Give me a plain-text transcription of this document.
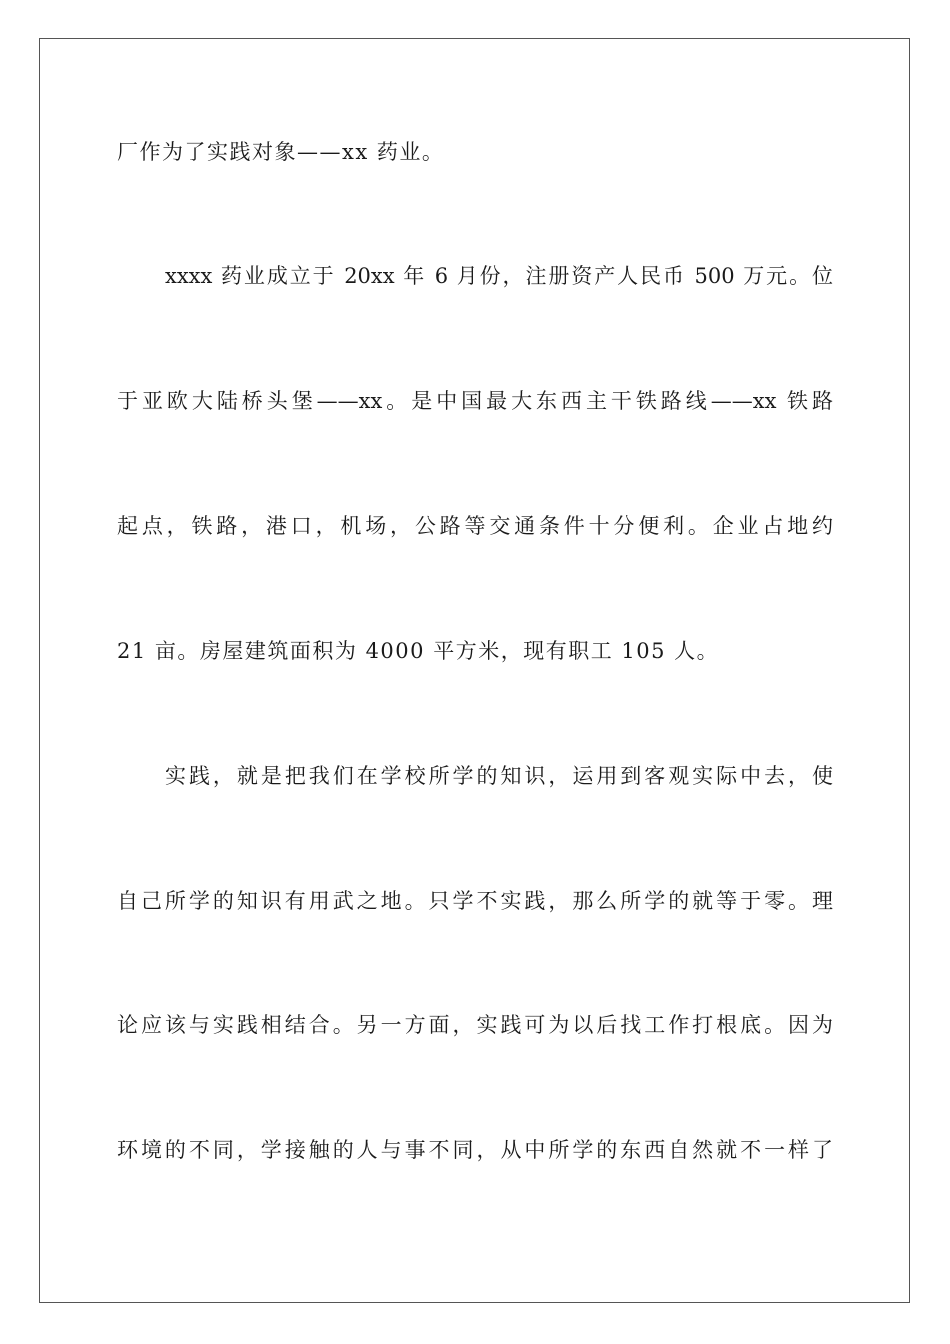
厂作为了实践对象——xx 药业。
xxxx 药业成立于 20xx 年 6 月份，注册资产人民币 500 万元。位
于亚欧大陆桥头堡——xx。是中国最大东西主干铁路线——xx 铁路
起点，铁路，港口，机场，公路等交通条件十分便利。企业占地约
21 亩。房屋建筑面积为 4000 平方米，现有职工 105 人。
实践，就是把我们在学校所学的知识，运用到客观实际中去，使
自己所学的知识有用武之地。只学不实践，那么所学的就等于零。理
论应该与实践相结合。另一方面，实践可为以后找工作打根底。因为
环境的不同，学接触的人与事不同，从中所学的东西自然就不一样了
